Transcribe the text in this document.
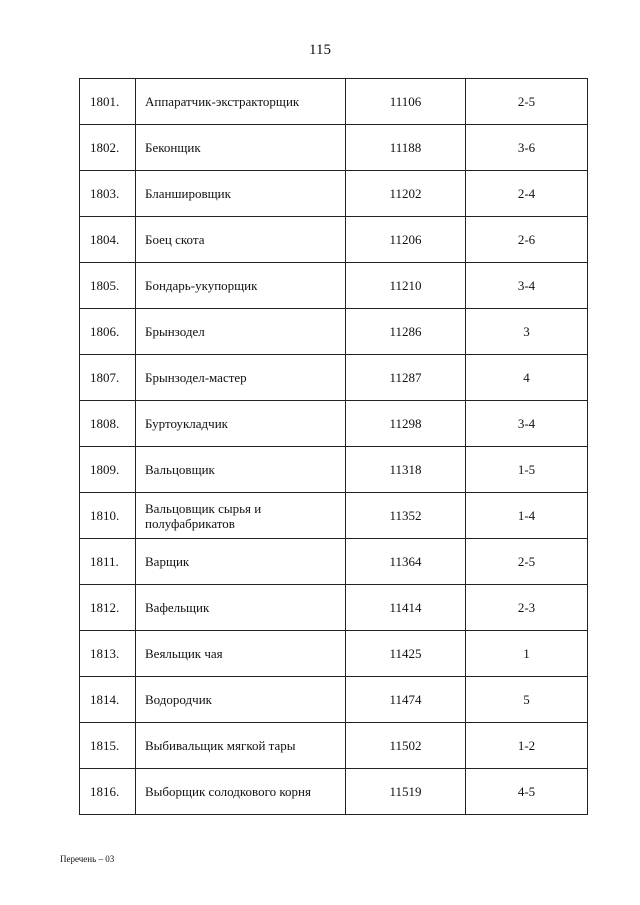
115
1801.	Аппаратчик-экстракторщик	11106	2-5
1802.	Беконщик	11188	3-6
1803.	Бланшировщик	11202	2-4
1804.	Боец скота	11206	2-6
1805.	Бондарь-укупорщик	11210	3-4
1806.	Брынзодел	11286	3
1807.	Брынзодел-мастер	11287	4
1808.	Буртоукладчик	11298	3-4
1809.	Вальцовщик	11318	1-5
1810.	Вальцовщик сырья и полуфабрикатов	11352	1-4
1811.	Варщик	11364	2-5
1812.	Вафельщик	11414	2-3
1813.	Веяльщик чая	11425	1
1814.	Водородчик	11474	5
1815.	Выбивальщик мягкой тары	11502	1-2
1816.	Выборщик солодкового корня	11519	4-5
Перечень – 03
